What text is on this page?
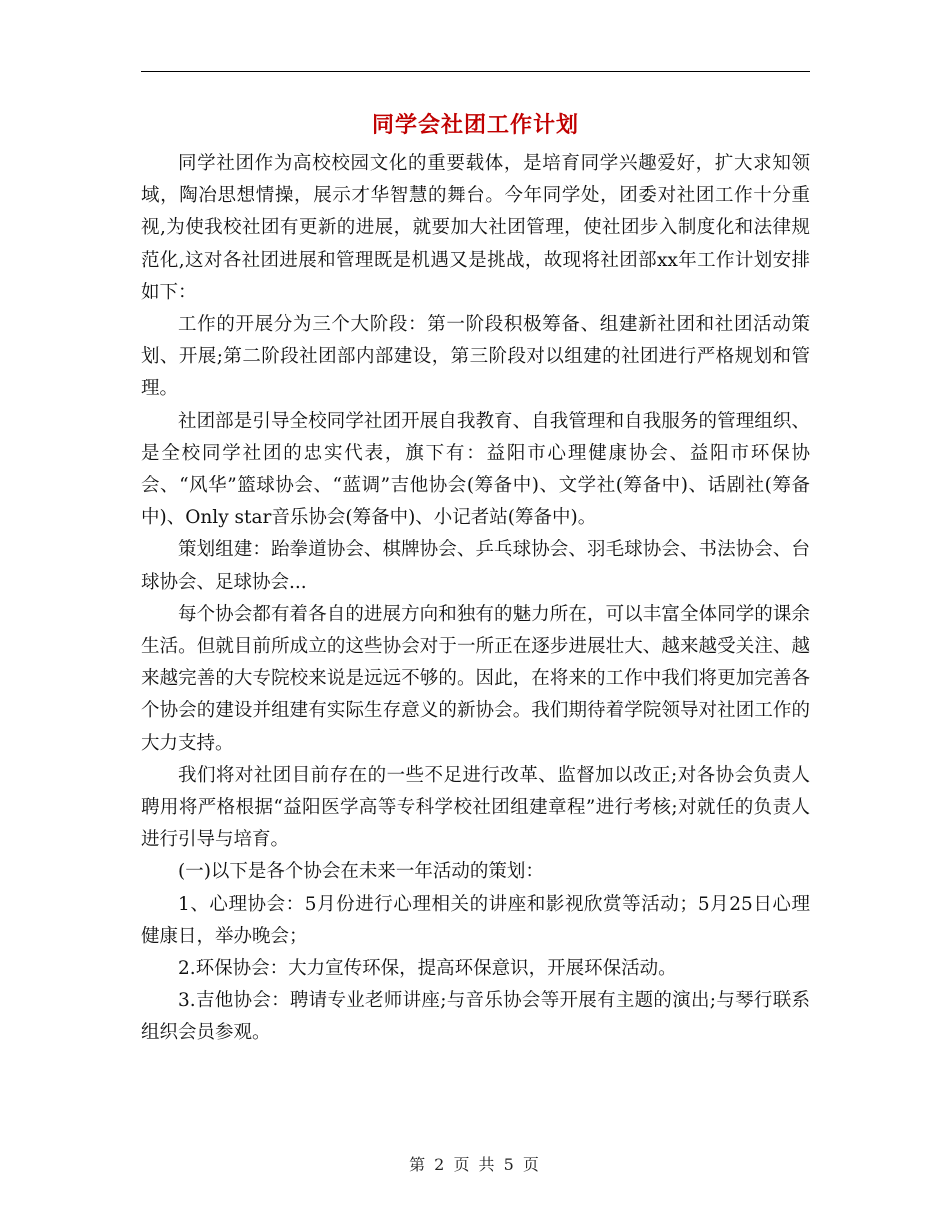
同学会社团工作计划

同学社团作为高校校园文化的重要载体，是培育同学兴趣爱好，扩大求知领域，陶冶思想情操，展示才华智慧的舞台。今年同学处，团委对社团工作十分重视,为使我校社团有更新的进展，就要加大社团管理，使社团步入制度化和法律规范化,这对各社团进展和管理既是机遇又是挑战，故现将社团部xx年工作计划安排如下：

工作的开展分为三个大阶段：第一阶段积极筹备、组建新社团和社团活动策划、开展;第二阶段社团部内部建设，第三阶段对以组建的社团进行严格规划和管理。

社团部是引导全校同学社团开展自我教育、自我管理和自我服务的管理组织、是全校同学社团的忠实代表，旗下有：益阳市心理健康协会、益阳市环保协会、“风华”篮球协会、“蓝调”吉他协会(筹备中)、文学社(筹备中)、话剧社(筹备中)、Only star音乐协会(筹备中)、小记者站(筹备中)。

策划组建：跆拳道协会、棋牌协会、乒乓球协会、羽毛球协会、书法协会、台球协会、足球协会...

每个协会都有着各自的进展方向和独有的魅力所在，可以丰富全体同学的课余生活。但就目前所成立的这些协会对于一所正在逐步进展壮大、越来越受关注、越来越完善的大专院校来说是远远不够的。因此，在将来的工作中我们将更加完善各个协会的建设并组建有实际生存意义的新协会。我们期待着学院领导对社团工作的大力支持。

我们将对社团目前存在的一些不足进行改革、监督加以改正;对各协会负责人聘用将严格根据“益阳医学高等专科学校社团组建章程”进行考核;对就任的负责人进行引导与培育。

(一)以下是各个协会在未来一年活动的策划：

1、心理协会：5月份进行心理相关的讲座和影视欣赏等活动；5月25日心理健康日，举办晚会；

2.环保协会：大力宣传环保，提高环保意识，开展环保活动。

3.吉他协会：聘请专业老师讲座;与音乐协会等开展有主题的演出;与琴行联系组织会员参观。

第 2 页 共 5 页
